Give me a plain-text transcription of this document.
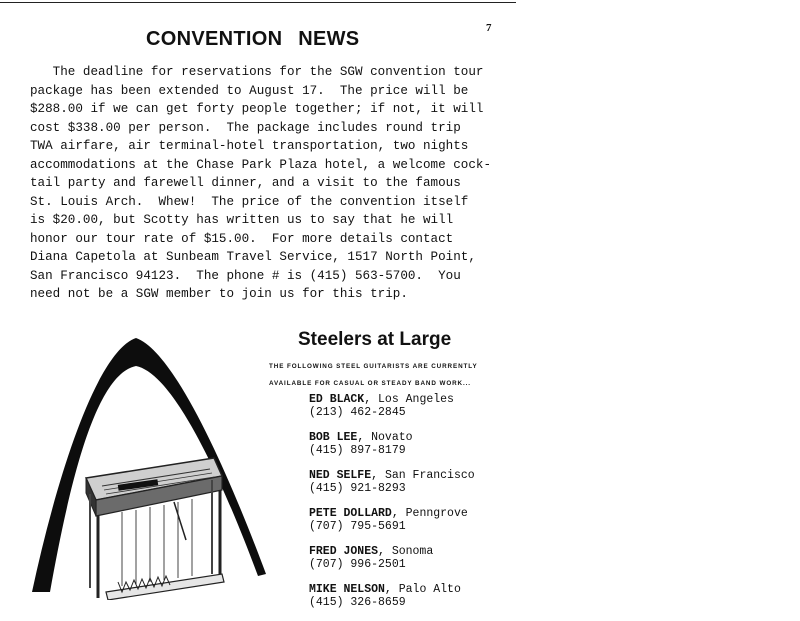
7
CONVENTION NEWS
The deadline for reservations for the SGW convention tour
package has been extended to August 17.  The price will be
$288.00 if we can get forty people together; if not, it will
cost $338.00 per person.  The package includes round trip
TWA airfare, air terminal-hotel transportation, two nights
accommodations at the Chase Park Plaza hotel, a welcome cock-
tail party and farewell dinner, and a visit to the famous
St. Louis Arch.  Whew!  The price of the convention itself
is $20.00, but Scotty has written us to say that he will
honor our tour rate of $15.00.  For more details contact
Diana Capetola at Sunbeam Travel Service, 1517 North Point,
San Francisco 94123.  The phone # is (415) 563-5700.  You
need not be a SGW member to join us for this trip.
Steelers at Large
THE FOLLOWING STEEL GUITARISTS ARE CURRENTLY
AVAILABLE FOR CASUAL OR STEADY BAND WORK...
ED BLACK, Los Angeles
(213) 462-2845
BOB LEE, Novato
(415) 897-8179
NED SELFE, San Francisco
(415) 921-8293
PETE DOLLARD, Penngrove
(707) 795-5691
FRED JONES, Sonoma
(707) 996-2501
MIKE NELSON, Palo Alto
(415) 326-8659
